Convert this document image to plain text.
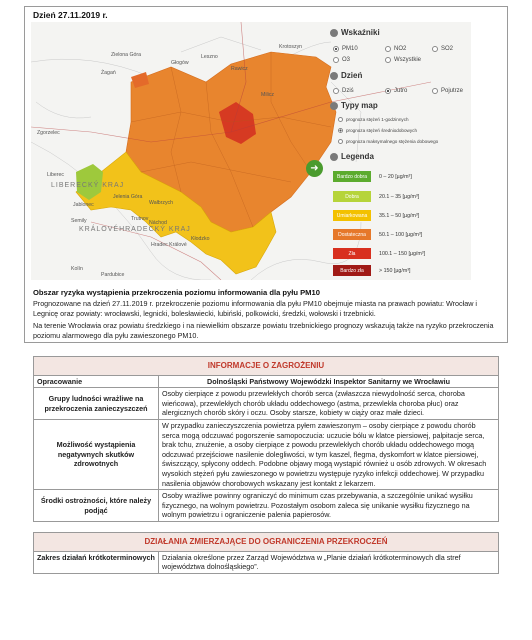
Dzień 27.11.2019 r.
Krotoszyn
Zielona Góra
Żagań
Głogów
Leszno
Rawicz
Milicz
Zgorzelec
Liberec
LIBERECKÝ KRAJ
Jablonec
Jelenia Góra
Wałbrzych
Semily	Trutnov
KRÁLOVÉHRADECKÝ KRAJ
Náchod
Hradec Králové
Kłodzko
Pardubice
Kolín
Wskaźniki
PM10	NO2	SO2
O3	Wszystkie
Dzień
Dziś	Jutro	Pojutrze
Typy map
prognoza stężeń 1-godzinnych
prognoza stężeń średniodobowych
prognoza maksymalnego stężenia dobowego
Legenda
➜
Bardzo dobra	0 – 20 [µg/m³]
Dobra	20.1 – 35 [µg/m³]
Umiarkowana	35.1 – 50 [µg/m³]
Dostateczna	50.1 – 100 [µg/m³]
Zła	100.1 – 150 [µg/m³]
Bardzo zła	> 150 [µg/m³]
Obszar ryzyka wystąpienia przekroczenia poziomu informowania dla pyłu PM10
Prognozowane na dzień 27.11.2019 r. przekroczenie poziomu informowania dla pyłu PM10 obejmuje miasta na prawach powiatu: Wrocław i Legnicę oraz powiaty: wrocławski, legnicki, bolesławiecki, lubiński, polkowicki, średzki, wołowski i trzebnicki.
Na terenie Wrocławia oraz powiatu średzkiego i na niewielkim obszarze powiatu trzebnickiego prognozy wskazują także na ryzyko przekroczenia poziomu alarmowego dla pyłu zawieszonego PM10.
INFORMACJE O ZAGROŻENIU	
Opracowanie	Dolnośląski Państwowy Wojewódzki Inspektor Sanitarny we Wrocławiu
Grupy ludności wrażliwe na przekroczenia zanieczyszczeń	Osoby cierpiące z powodu przewlekłych chorób serca (zwłaszcza niewydolność serca, choroba wieńcowa), przewlekłych chorób układu oddechowego (astma, przewlekła choroba płuc) oraz alergicznych chorób skóry i oczu. Osoby starsze, kobiety w ciąży oraz małe dzieci.
Możliwość wystąpienia negatywnych skutków zdrowotnych	W przypadku zanieczyszczenia powietrza pyłem zawieszonym – osoby cierpiące z powodu chorób serca mogą odczuwać pogorszenie samopoczucia: uczucie bólu w klatce piersiowej, palpitacje serca, brak tchu, znużenie, a osoby cierpiące z powodu przewlekłych chorób układu oddechowego mogą odczuwać przejściowe nasilenie dolegliwości, w tym kaszel, flegma, dyskomfort w klatce piersiowej, świszczący, spłycony oddech. Podobne objawy mogą wystąpić również u osób zdrowych. W okresach wysokich stężeń pyłu zawieszonego w powietrzu występuje ryzyko infekcji oddechowej. W przypadku nasilenia objawów chorobowych wskazany jest kontakt z lekarzem.
Środki ostrożności, które należy podjąć	Osoby wrażliwe powinny ograniczyć do minimum czas przebywania, a szczególnie unikać wysiłku fizycznego, na wolnym powietrzu. Pozostałym osobom zaleca się unikanie wysiłku fizycznego na wolnym powietrzu i ograniczenie palenia papierosów.

DZIAŁANIA ZMIERZAJĄCE DO OGRANICZENIA PRZEKROCZEŃ	
Zakres działań krótkoterminowych	Działania określone przez Zarząd Województwa w „Planie działań krótkoterminowych dla stref województwa dolnośląskiego”.
